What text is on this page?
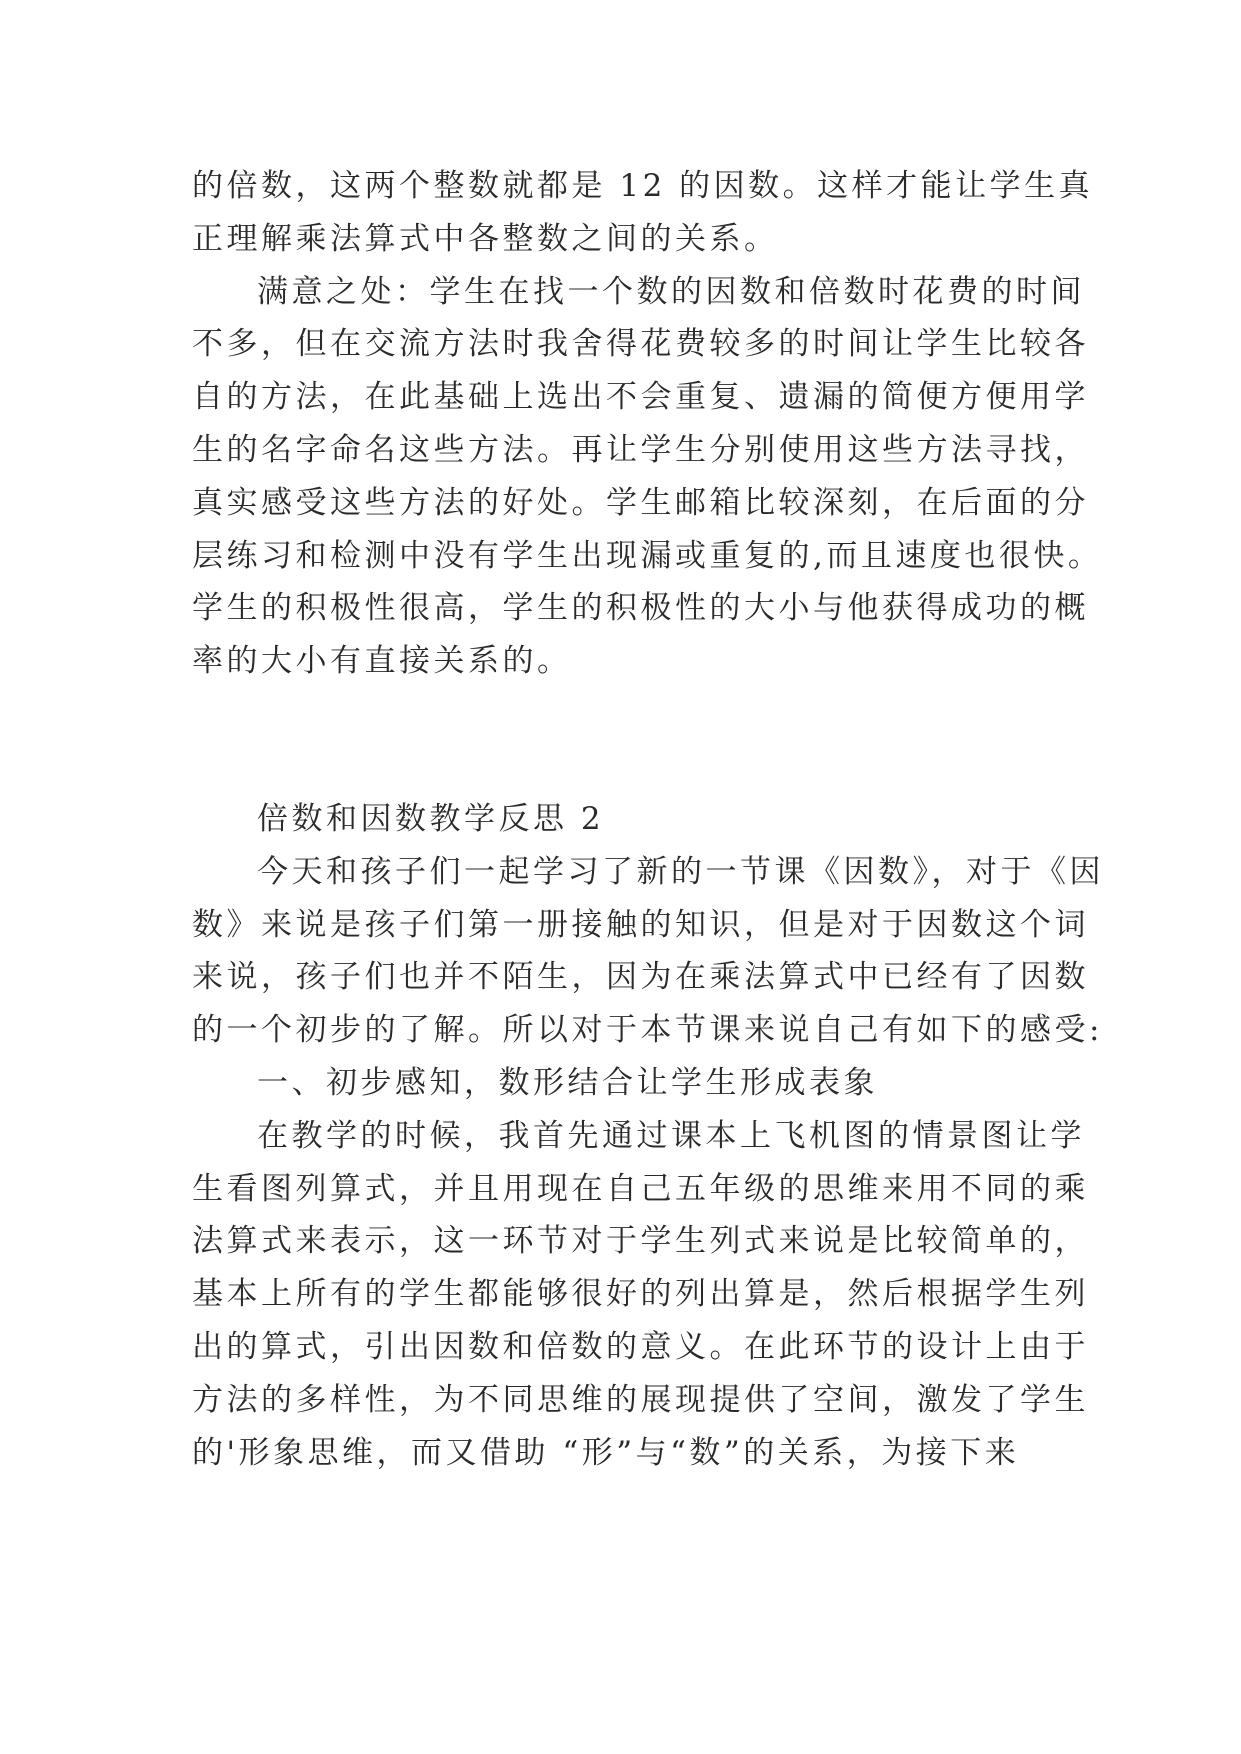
的倍数，这两个整数就都是 12 的因数。这样才能让学生真
正理解乘法算式中各整数之间的关系。
满意之处：学生在找一个数的因数和倍数时花费的时间
不多，但在交流方法时我舍得花费较多的时间让学生比较各
自的方法，在此基础上选出不会重复、遗漏的简便方便用学
生的名字命名这些方法。再让学生分别使用这些方法寻找，
真实感受这些方法的好处。学生邮箱比较深刻，在后面的分
层练习和检测中没有学生出现漏或重复的,而且速度也很快。
学生的积极性很高，学生的积极性的大小与他获得成功的概
率的大小有直接关系的。
倍数和因数教学反思 2
今天和孩子们一起学习了新的一节课《因数》，对于《因
数》来说是孩子们第一册接触的知识，但是对于因数这个词
来说，孩子们也并不陌生，因为在乘法算式中已经有了因数
的一个初步的了解。所以对于本节课来说自己有如下的感受:
一、初步感知，数形结合让学生形成表象
在教学的时候，我首先通过课本上飞机图的情景图让学
生看图列算式，并且用现在自己五年级的思维来用不同的乘
法算式来表示，这一环节对于学生列式来说是比较简单的，
基本上所有的学生都能够很好的列出算是，然后根据学生列
出的算式，引出因数和倍数的意义。在此环节的设计上由于
方法的多样性，为不同思维的展现提供了空间，激发了学生
的'形象思维，而又借助 “形”与“数”的关系，为接下来
